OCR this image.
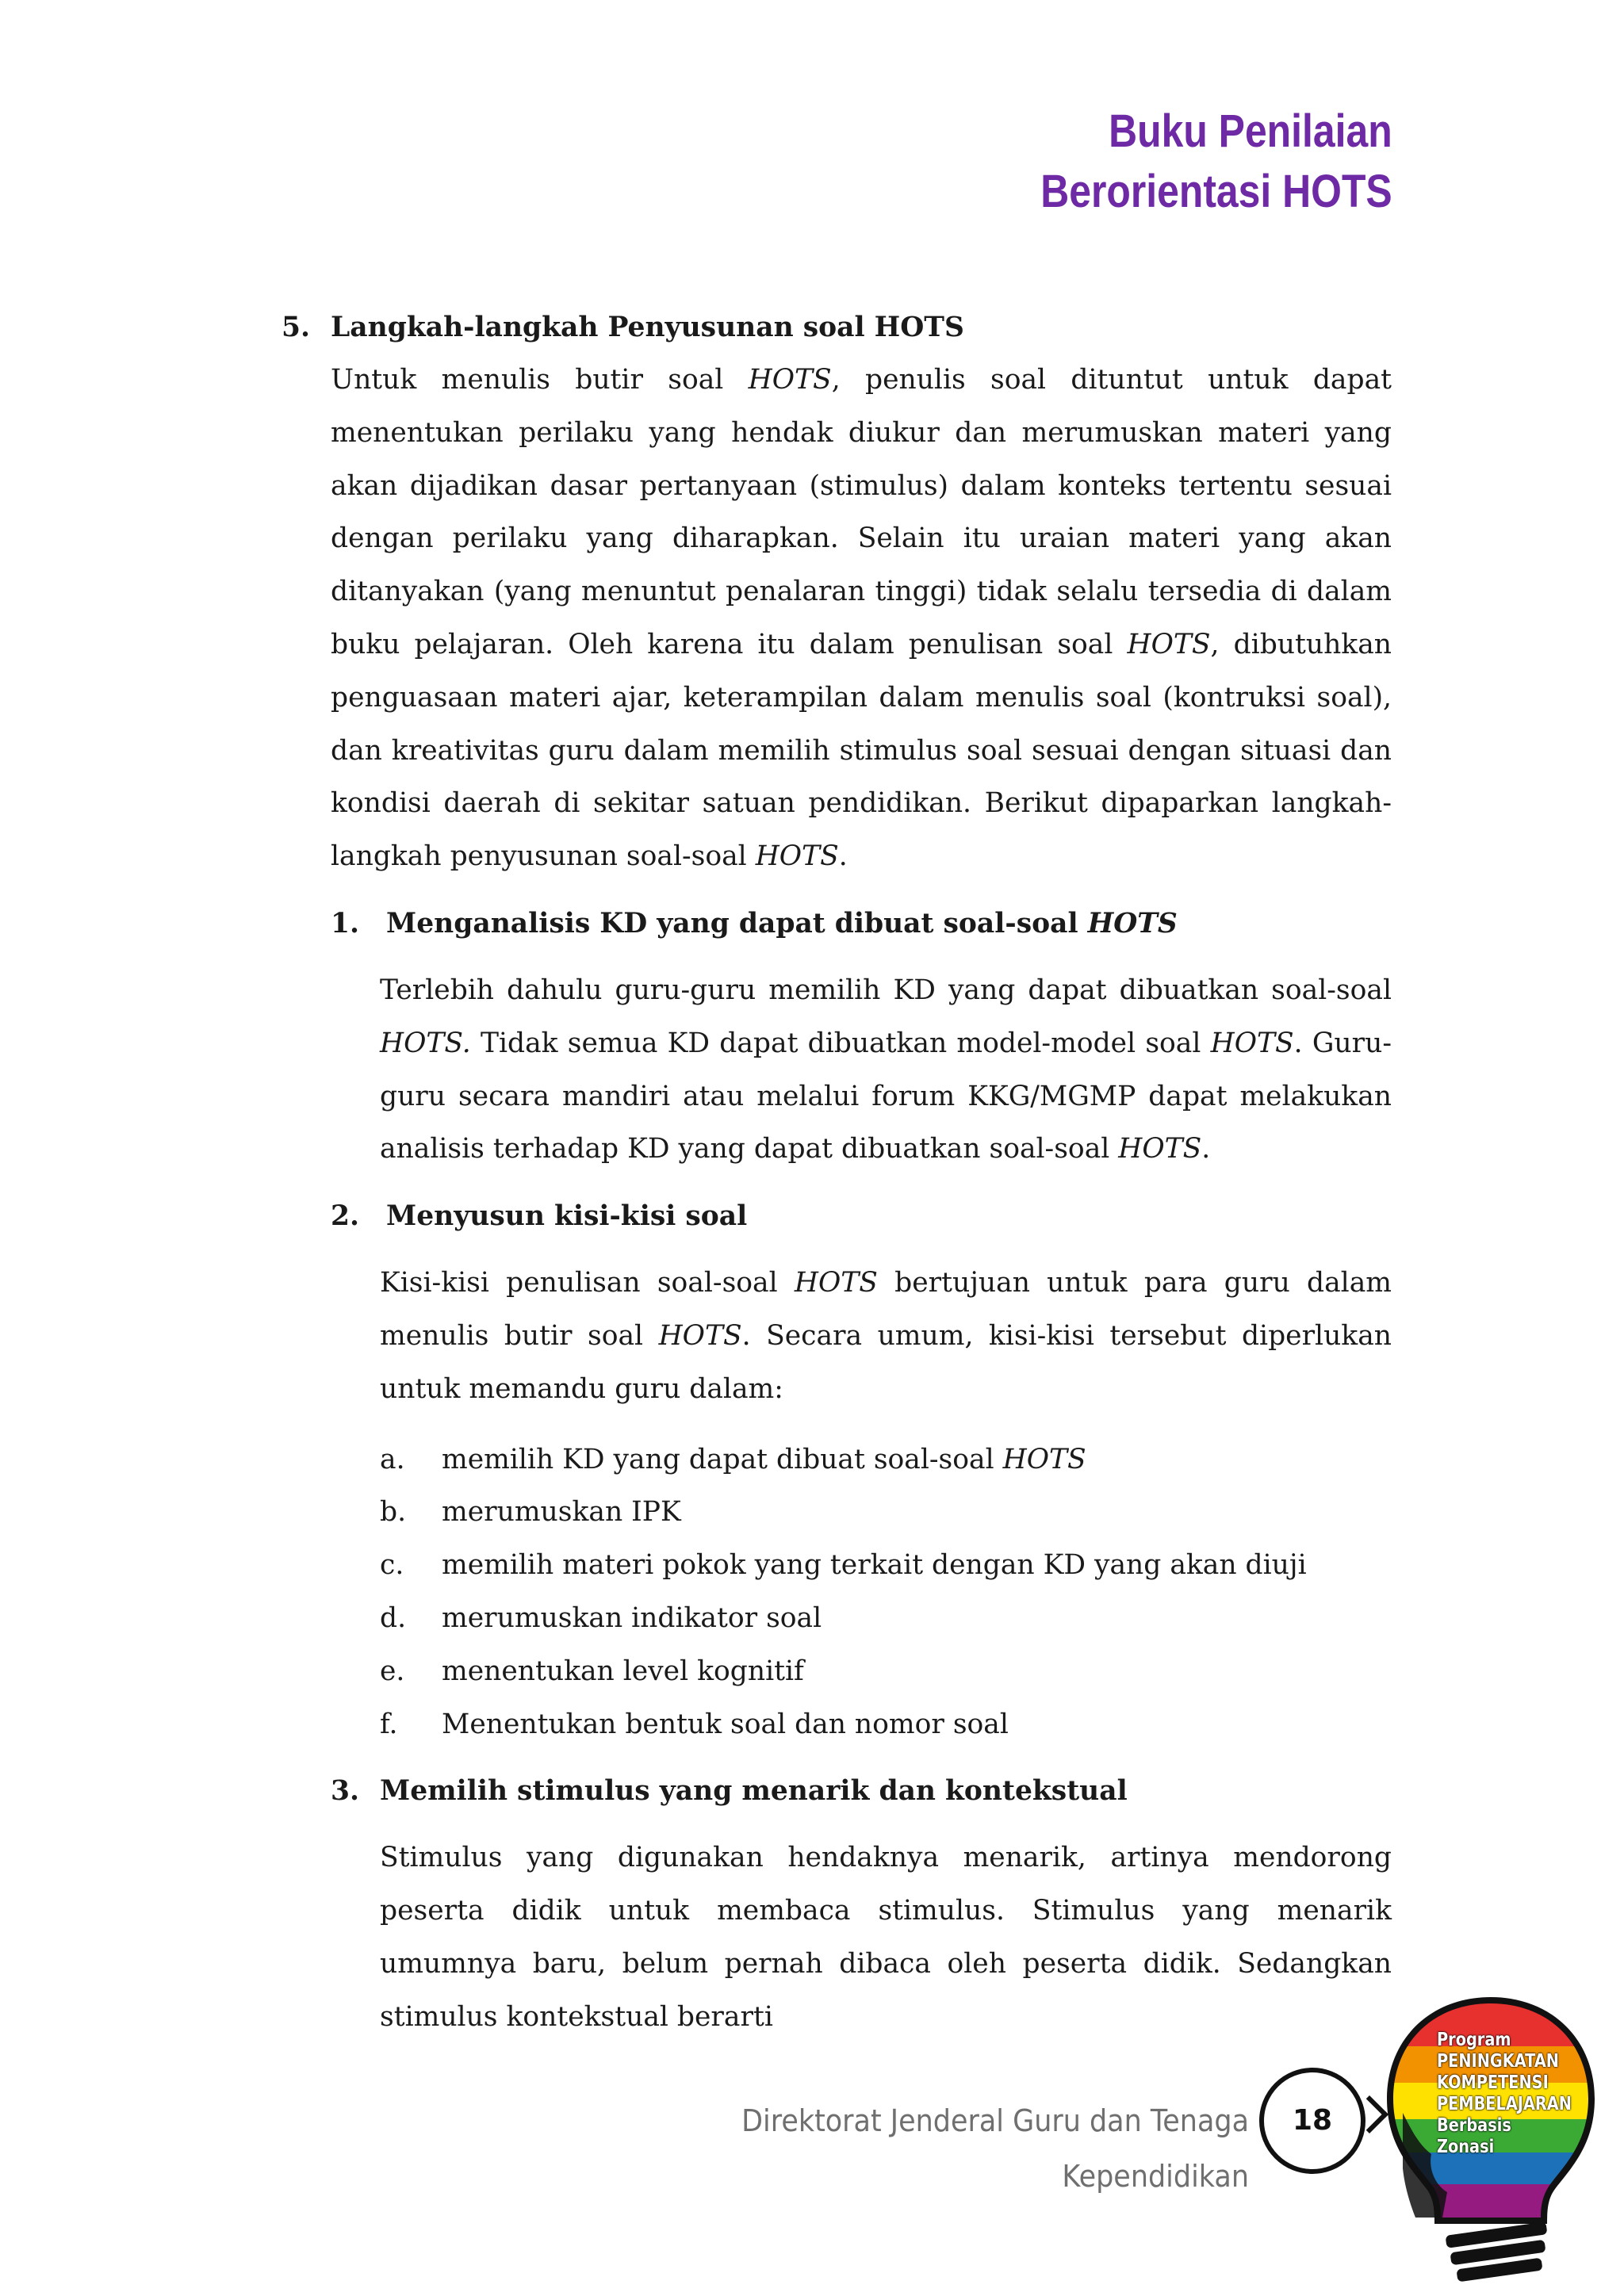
Buku Penilaian
Berorientasi HOTS
5. Langkah-langkah Penyusunan soal HOTS
Untuk menulis butir soal HOTS, penulis soal dituntut untuk dapat menentukan perilaku yang hendak diukur dan merumuskan materi yang akan dijadikan dasar pertanyaan (stimulus) dalam konteks tertentu sesuai dengan perilaku yang diharapkan. Selain itu uraian materi yang akan ditanyakan (yang menuntut penalaran tinggi) tidak selalu tersedia di dalam buku pelajaran. Oleh karena itu dalam penulisan soal HOTS, dibutuhkan penguasaan materi ajar, keterampilan dalam menulis soal (kontruksi soal), dan kreativitas guru dalam memilih stimulus soal sesuai dengan situasi dan kondisi daerah di sekitar satuan pendidikan. Berikut dipaparkan langkah-langkah penyusunan soal-soal HOTS.
1. Menganalisis KD yang dapat dibuat soal-soal HOTS
Terlebih dahulu guru-guru memilih KD yang dapat dibuatkan soal-soal HOTS. Tidak semua KD dapat dibuatkan model-model soal HOTS. Guru-guru secara mandiri atau melalui forum KKG/MGMP dapat melakukan analisis terhadap KD yang dapat dibuatkan soal-soal HOTS.
2. Menyusun kisi-kisi soal
Kisi-kisi penulisan soal-soal HOTS bertujuan untuk para guru dalam menulis butir soal HOTS. Secara umum, kisi-kisi tersebut diperlukan untuk memandu guru dalam:
a. memilih KD yang dapat dibuat soal-soal HOTS
b. merumuskan IPK
c. memilih materi pokok yang terkait dengan KD yang akan diuji
d. merumuskan indikator soal
e. menentukan level kognitif
f. Menentukan bentuk soal dan nomor soal
3. Memilih stimulus yang menarik dan kontekstual
Stimulus yang digunakan hendaknya menarik, artinya mendorong peserta didik untuk membaca stimulus. Stimulus yang menarik umumnya baru, belum pernah dibaca oleh peserta didik. Sedangkan stimulus kontekstual berarti
Direktorat Jenderal Guru dan Tenaga Kependidikan
18
Program
PENINGKATAN
KOMPETENSI
PEMBELAJARAN
Berbasis
Zonasi
